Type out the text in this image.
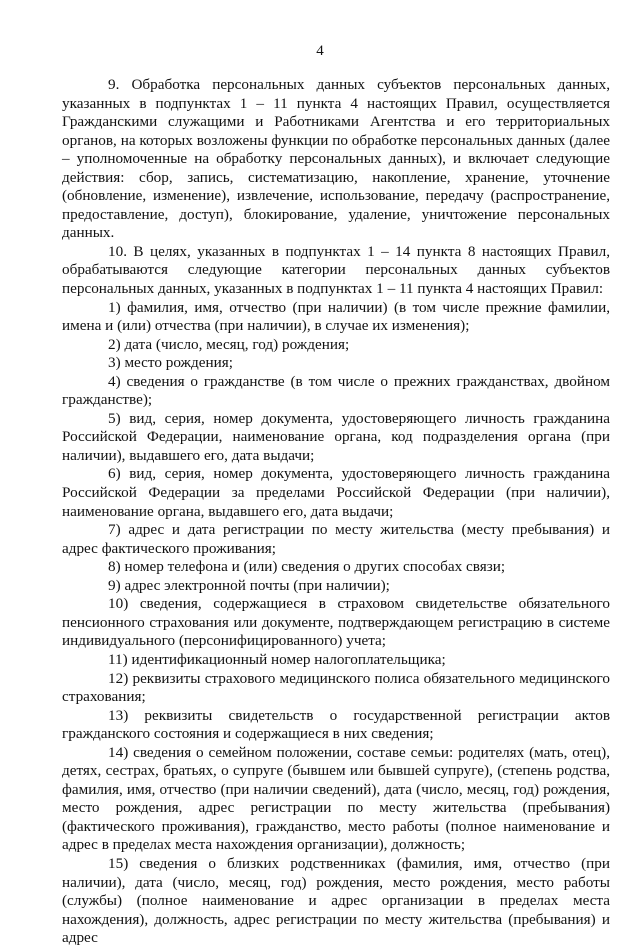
4

9. Обработка персональных данных субъектов персональных данных, указанных в подпунктах 1 – 11 пункта 4 настоящих Правил, осуществляется Гражданскими служащими и Работниками Агентства и его территориальных органов, на которых возложены функции по обработке персональных данных (далее – уполномоченные на обработку персональных данных), и включает следующие действия: сбор, запись, систематизацию, накопление, хранение, уточнение (обновление, изменение), извлечение, использование, передачу (распространение, предоставление, доступ), блокирование, удаление, уничтожение персональных данных.

10. В целях, указанных в подпунктах 1 – 14 пункта 8 настоящих Правил, обрабатываются следующие категории персональных данных субъектов персональных данных, указанных в подпунктах 1 – 11 пункта 4 настоящих Правил:

1) фамилия, имя, отчество (при наличии) (в том числе прежние фамилии, имена и (или) отчества (при наличии), в случае их изменения);

2) дата (число, месяц, год) рождения;

3) место рождения;

4) сведения о гражданстве (в том числе о прежних гражданствах, двойном гражданстве);

5) вид, серия, номер документа, удостоверяющего личность гражданина Российской Федерации, наименование органа, код подразделения органа (при наличии), выдавшего его, дата выдачи;

6) вид, серия, номер документа, удостоверяющего личность гражданина Российской Федерации за пределами Российской Федерации (при наличии), наименование органа, выдавшего его, дата выдачи;

7) адрес и дата регистрации по месту жительства (месту пребывания) и адрес фактического проживания;

8) номер телефона и (или) сведения о других способах связи;

9) адрес электронной почты (при наличии);

10) сведения, содержащиеся в страховом свидетельстве обязательного пенсионного страхования или документе, подтверждающем регистрацию в системе индивидуального (персонифицированного) учета;

11) идентификационный номер налогоплательщика;

12) реквизиты страхового медицинского полиса обязательного медицинского страхования;

13) реквизиты свидетельств о государственной регистрации актов гражданского состояния и содержащиеся в них сведения;

14) сведения о семейном положении, составе семьи: родителях (мать, отец), детях, сестрах, братьях, о супруге (бывшем или бывшей супруге), (степень родства, фамилия, имя, отчество (при наличии сведений), дата (число, месяц, год) рождения, место рождения, адрес регистрации по месту жительства (пребывания) (фактического проживания), гражданство, место работы (полное наименование и адрес в пределах места нахождения организации), должность;

15) сведения о близких родственниках (фамилия, имя, отчество (при наличии), дата (число, месяц, год) рождения, место рождения, место работы (службы) (полное наименование и адрес организации в пределах места нахождения), должность, адрес регистрации по месту жительства (пребывания) и адрес
